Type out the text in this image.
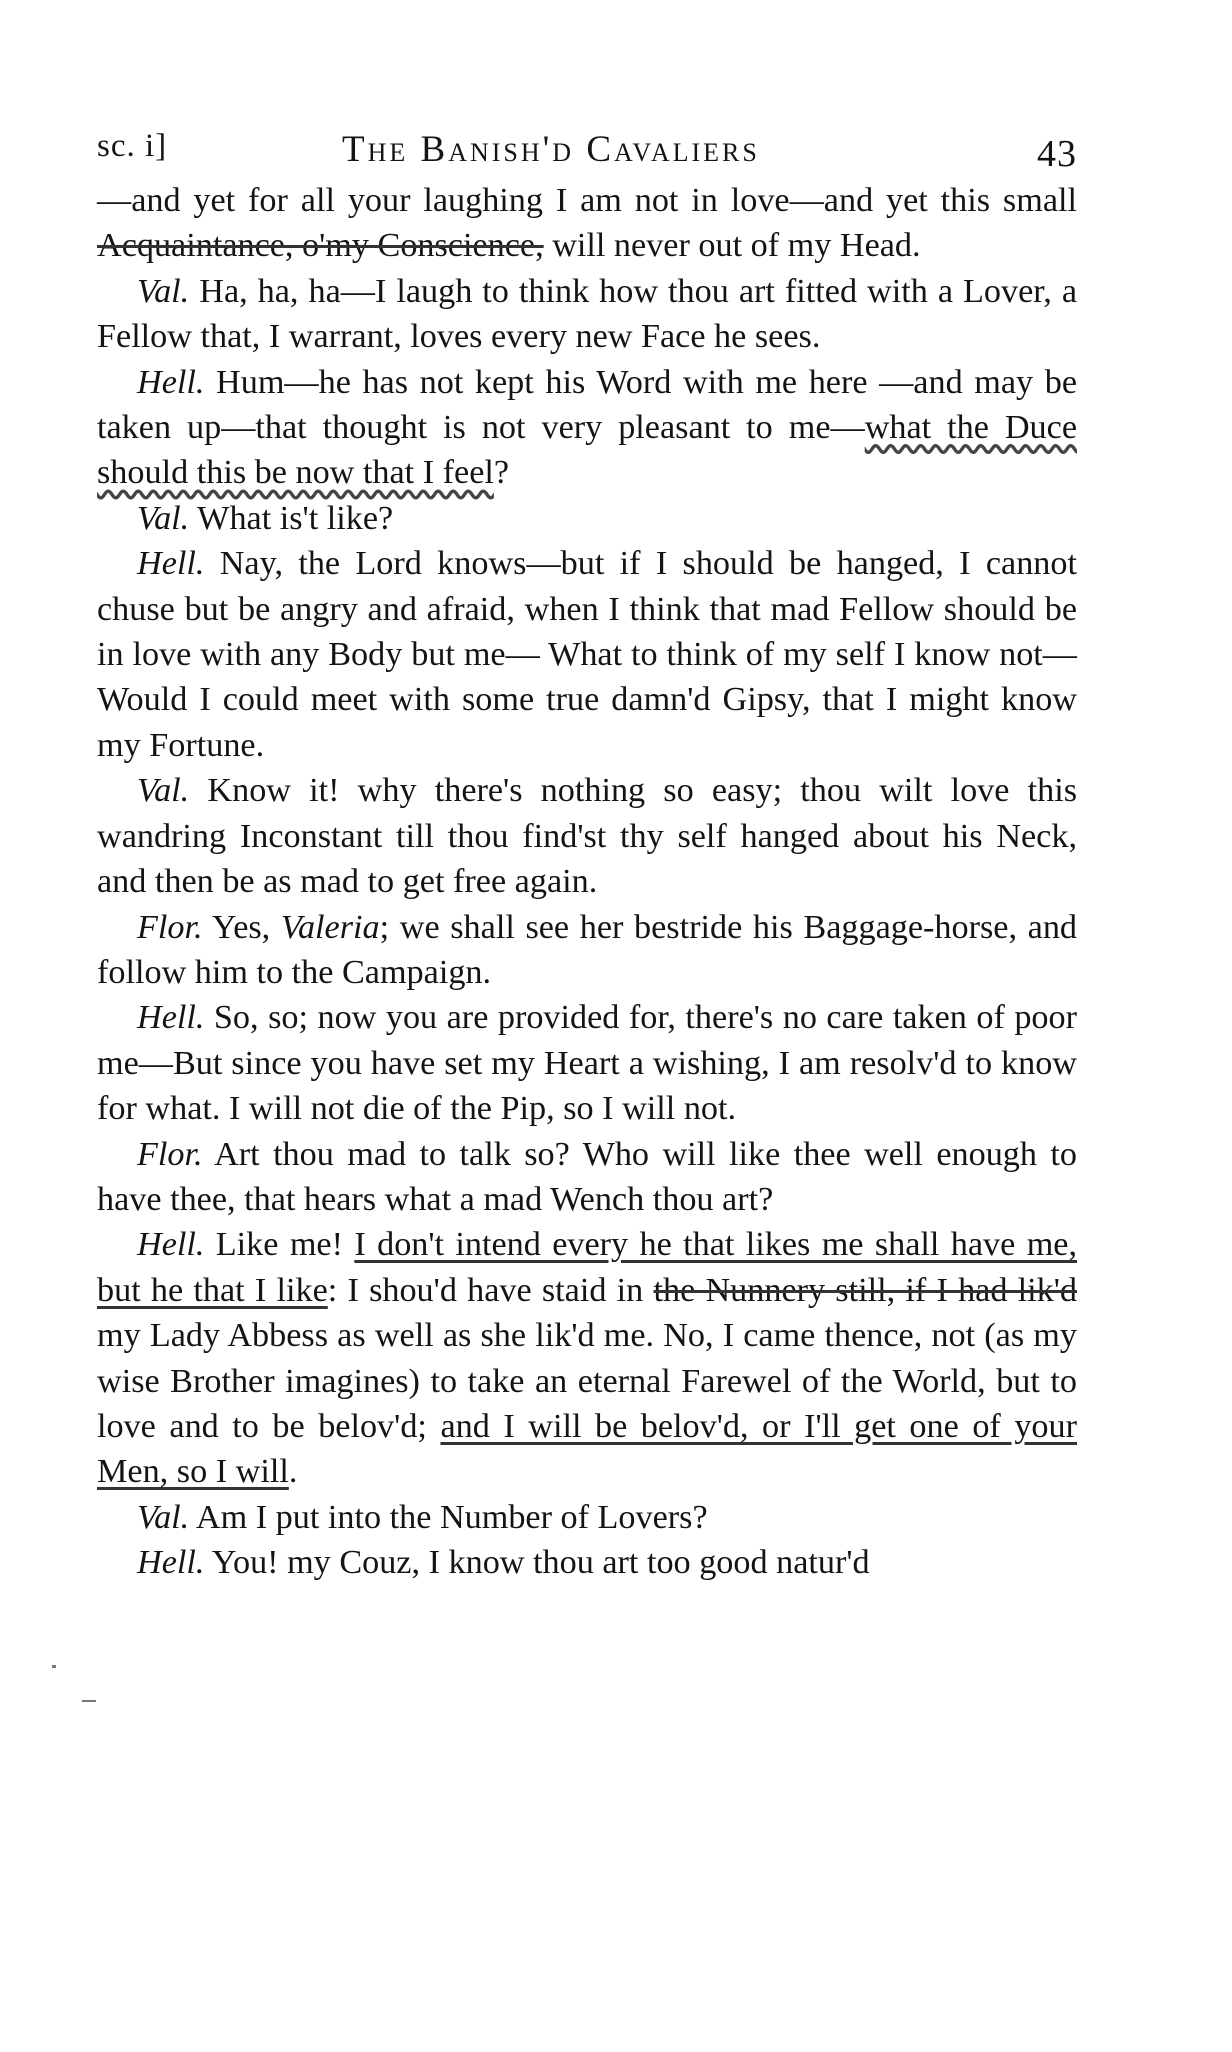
sc. i]	The Banish'd Cavaliers	43

—and yet for all your laughing I am not in love—and yet this small Acquaintance, o'my Conscience, will never out of my Head.

Val. Ha, ha, ha—I laugh to think how thou art fitted with a Lover, a Fellow that, I warrant, loves every new Face he sees.

Hell. Hum—he has not kept his Word with me here —and may be taken up—that thought is not very pleasant to me—what the Duce should this be now that I feel?

Val. What is't like?

Hell. Nay, the Lord knows—but if I should be hanged, I cannot chuse but be angry and afraid, when I think that mad Fellow should be in love with any Body but me— What to think of my self I know not—Would I could meet with some true damn'd Gipsy, that I might know my Fortune.

Val. Know it! why there's nothing so easy; thou wilt love this wandring Inconstant till thou find'st thy self hanged about his Neck, and then be as mad to get free again.

Flor. Yes, Valeria; we shall see her bestride his Baggage-horse, and follow him to the Campaign.

Hell. So, so; now you are provided for, there's no care taken of poor me—But since you have set my Heart a wishing, I am resolv'd to know for what. I will not die of the Pip, so I will not.

Flor. Art thou mad to talk so? Who will like thee well enough to have thee, that hears what a mad Wench thou art?

Hell. Like me! I don't intend every he that likes me shall have me, but he that I like: I shou'd have staid in the Nunnery still, if I had lik'd my Lady Abbess as well as she lik'd me. No, I came thence, not (as my wise Brother imagines) to take an eternal Farewel of the World, but to love and to be belov'd; and I will be belov'd, or I'll get one of your Men, so I will.

Val. Am I put into the Number of Lovers?

Hell. You! my Couz, I know thou art too good natur'd
